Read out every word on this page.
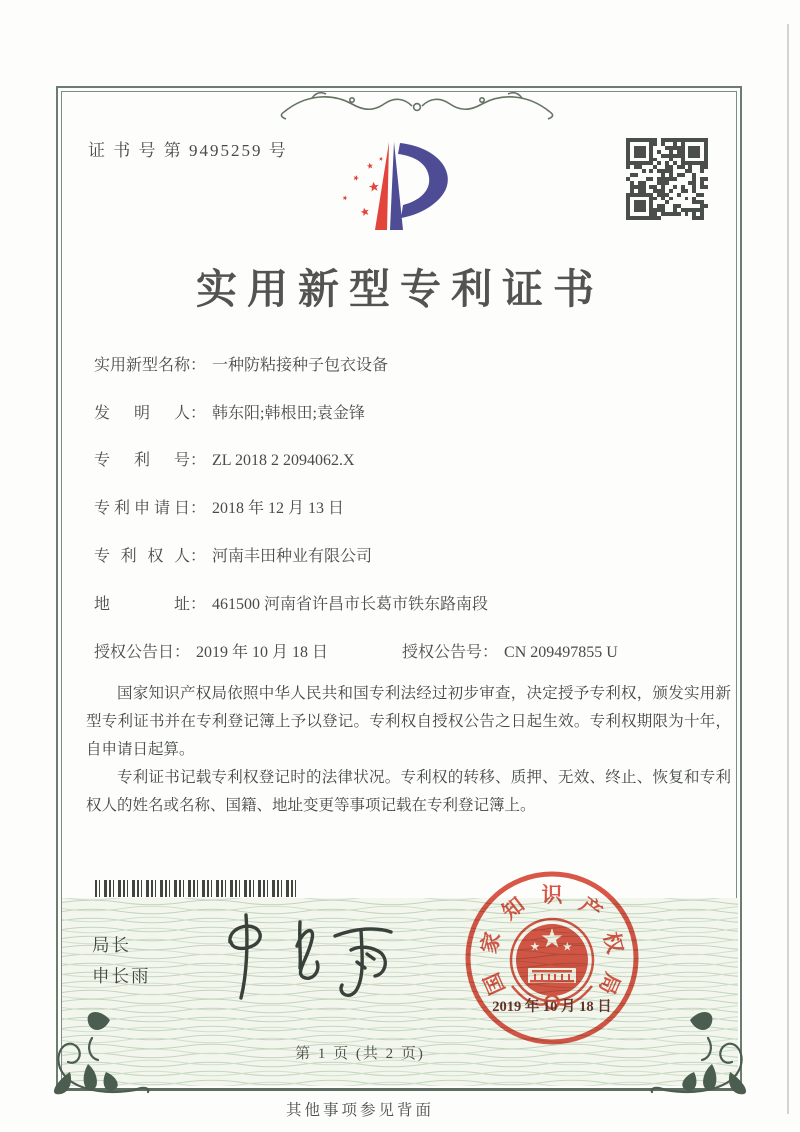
证 书 号 第 9495259 号
实用新型专利证书
实用新型名称： 一种防粘接种子包衣设备
发明人： 韩东阳;韩根田;袁金锋
专利号： ZL 2018 2 2094062.X
专利申请日： 2018 年 12 月 13 日
专利权人： 河南丰田种业有限公司
地址： 461500 河南省许昌市长葛市铁东路南段
授权公告日： 2019 年 10 月 18 日	授权公告号： CN 209497855 U

国家知识产权局依照中华人民共和国专利法经过初步审查，决定授予专利权，颁发实用新型专利证书并在专利登记簿上予以登记。专利权自授权公告之日起生效。专利权期限为十年，自申请日起算。

专利证书记载专利权登记时的法律状况。专利权的转移、质押、无效、终止、恢复和专利权人的姓名或名称、国籍、地址变更等事项记载在专利登记簿上。

局长
申长雨	国
家
知 识 产
权
局
2019 年 10 月 18 日
第 1 页 (共 2 页)
其他事项参见背面
